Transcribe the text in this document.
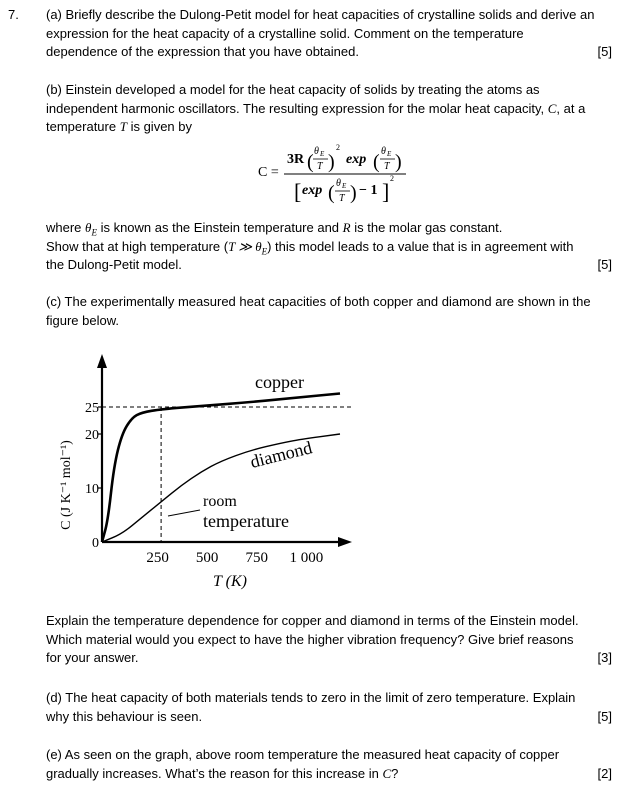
7. (a) Briefly describe the Dulong-Petit model for heat capacities of crystalline solids and derive an
expression for the heat capacity of a crystalline solid. Comment on the temperature
dependence of the expression that you have obtained.	[5]
(b) Einstein developed a model for the heat capacity of solids by treating the atoms as
independent harmonic oscillators. The resulting expression for the molar heat capacity, C, at a
temperature T is given by
C =
3R ( θ E
T )
2
exp ( θ E
T )
[ exp ( θ E
T ) − 1 ]
2
where $\theta_E$ is known as the Einstein temperature and R is the molar gas constant.
Show that at high temperature (T ≫ $\theta_E$) this model leads to a value that is in agreement with
the Dulong-Petit model.	[5]
(c) The experimentally measured heat capacities of both copper and diamond are shown in the
figure below.
0
10
20
25
250 500 750 1 000
T (K)
C (J K⁻¹ mol⁻¹)
copper
diamond
room
temperature
Explain the temperature dependence for copper and diamond in terms of the Einstein model.
Which material would you expect to have the higher vibration frequency? Give brief reasons
for your answer.	[3]
(d) The heat capacity of both materials tends to zero in the limit of zero temperature. Explain
why this behaviour is seen.	[5]
(e) As seen on the graph, above room temperature the measured heat capacity of copper
gradually increases. What’s the reason for this increase in C?	[2]
